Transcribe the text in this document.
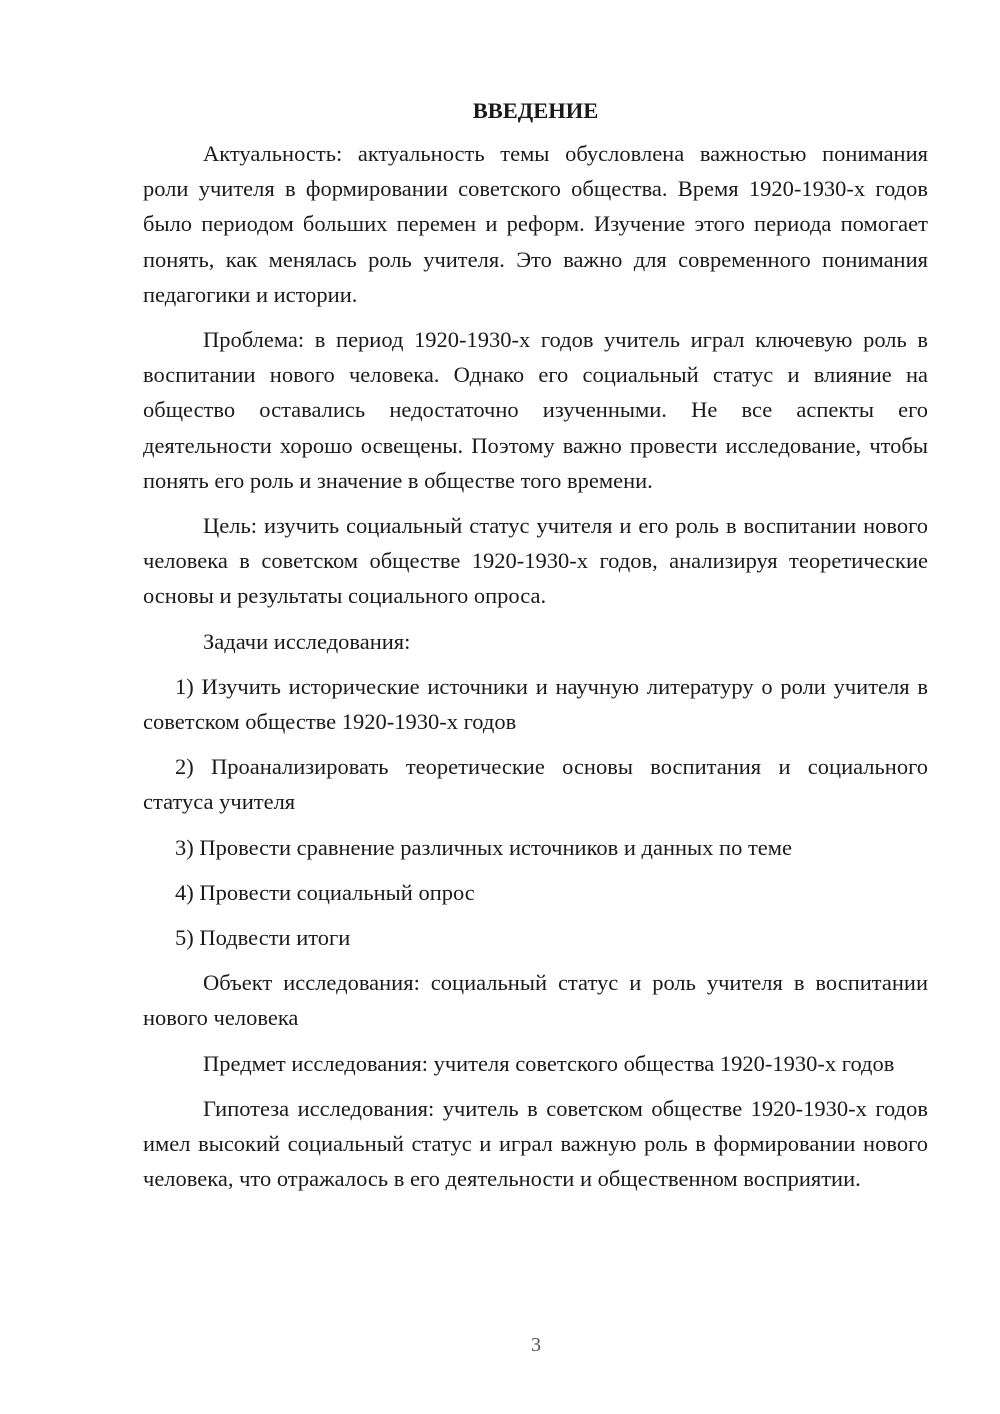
ВВЕДЕНИЕ

Актуальность: актуальность темы обусловлена важностью понимания роли учителя в формировании советского общества. Время 1920-1930-х годов было периодом больших перемен и реформ. Изучение этого периода помогает понять, как менялась роль учителя. Это важно для современного понимания педагогики и истории.

Проблема: в период 1920-1930-х годов учитель играл ключевую роль в воспитании нового человека. Однако его социальный статус и влияние на общество оставались недостаточно изученными. Не все аспекты его деятельности хорошо освещены. Поэтому важно провести исследование, чтобы понять его роль и значение в обществе того времени.

Цель: изучить социальный статус учителя и его роль в воспитании нового человека в советском обществе 1920-1930-х годов, анализируя теоретические основы и результаты социального опроса.

Задачи исследования:

1) Изучить исторические источники и научную литературу о роли учителя в советском обществе 1920-1930-х годов

2) Проанализировать теоретические основы воспитания и социального статуса учителя

3) Провести сравнение различных источников и данных по теме

4) Провести социальный опрос

5) Подвести итоги

Объект исследования: социальный статус и роль учителя в воспитании нового человека

Предмет исследования: учителя советского общества 1920-1930-х годов

Гипотеза исследования: учитель в советском обществе 1920-1930-х годов имел высокий социальный статус и играл важную роль в формировании нового человека, что отражалось в его деятельности и общественном восприятии.

3
